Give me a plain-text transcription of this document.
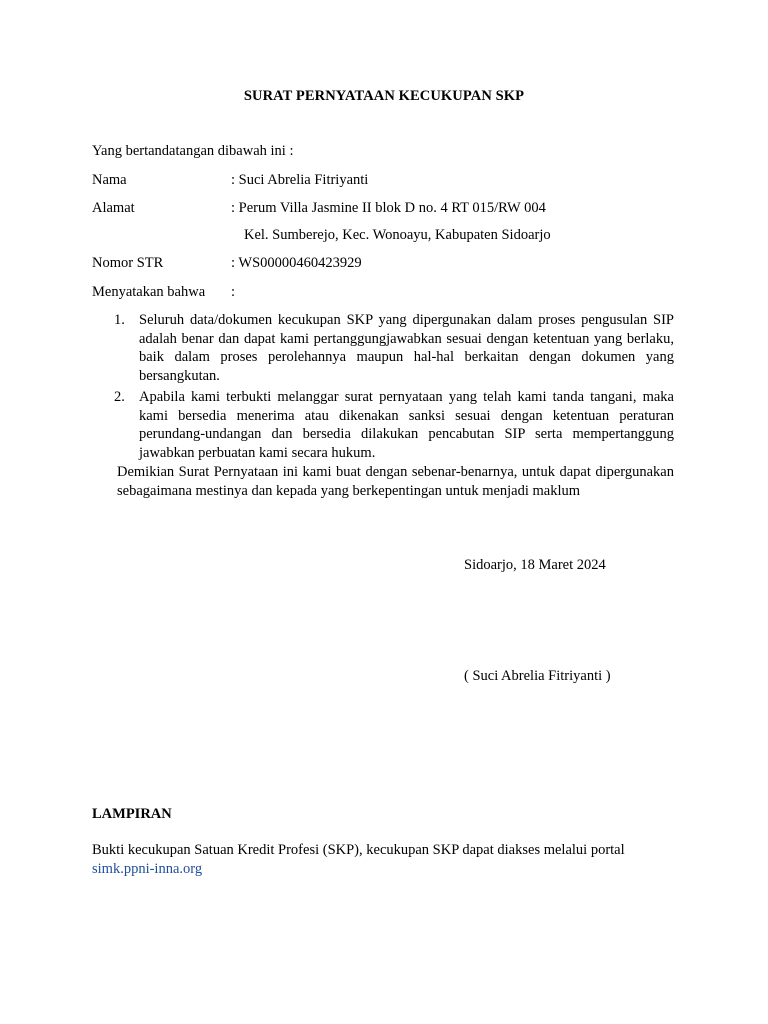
SURAT PERNYATAAN KECUKUPAN SKP
Yang bertandatangan dibawah ini :
Nama	: Suci Abrelia Fitriyanti
Alamat	: Perum Villa Jasmine II blok D no. 4 RT 015/RW 004
Kel. Sumberejo, Kec. Wonoayu, Kabupaten Sidoarjo
Nomor STR	: WS00000460423929
Menyatakan bahwa :
1. Seluruh data/dokumen kecukupan SKP yang dipergunakan dalam proses pengusulan SIP adalah benar dan dapat kami pertanggungjawabkan sesuai dengan ketentuan yang berlaku, baik dalam proses perolehannya maupun hal-hal berkaitan dengan dokumen yang bersangkutan.
2. Apabila kami terbukti melanggar surat pernyataan yang telah kami tanda tangani, maka kami bersedia menerima atau dikenakan sanksi sesuai dengan ketentuan peraturan perundang-undangan dan bersedia dilakukan pencabutan SIP serta mempertanggung jawabkan perbuatan kami secara hukum.
Demikian Surat Pernyataan ini kami buat dengan sebenar-benarnya, untuk dapat dipergunakan sebagaimana mestinya dan kepada yang berkepentingan untuk menjadi maklum
Sidoarjo, 18 Maret 2024
( Suci Abrelia Fitriyanti )
LAMPIRAN
Bukti kecukupan Satuan Kredit Profesi (SKP), kecukupan SKP dapat diakses melalui portal
simk.ppni-inna.org
